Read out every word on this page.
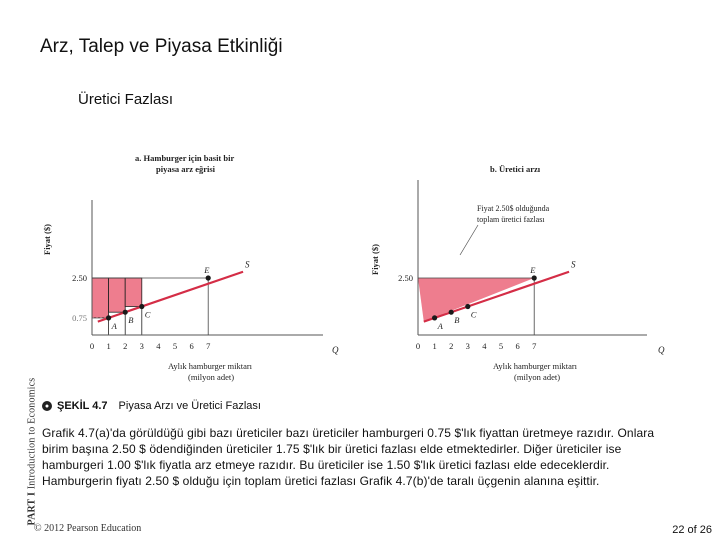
Arz, Talep ve Piyasa Etkinliği
Üretici Fazlası
PART I Introduction to Economics
a. Hamburger için basit bir
piyasa arz eğrisi
S
A
B
C
E
0 1 2 3 4 5 6 7
2.50
0.75
Fiyat ($)
Q
Aylık hamburger miktarı
(milyon adet)
b. Üretici arzı
Fiyat 2.50$ olduğunda
toplam üretici fazlası
S
A
B
C
E
0 1 2 3 4 5 6 7
2.50
Fiyat ($)
Q
Aylık hamburger miktarı
(milyon adet)
● ŞEKİL 4.7 Piyasa Arzı ve Üretici Fazlası
Grafik 4.7(a)'da görüldüğü gibi bazı üreticiler bazı üreticiler hamburgeri 0.75 $'lık fiyattan üretmeye razıdır. Onlara birim başına 2.50 $ ödendiğinden üreticiler 1.75 $'lık bir üretici fazlası elde etmektedirler. Diğer üreticiler ise hamburgeri 1.00 $'lık fiyatla arz etmeye razıdır. Bu üreticiler ise 1.50 $'lık üretici fazlası elde edeceklerdir. Hamburgerin fiyatı 2.50 $ olduğu için toplam üretici fazlası Grafik 4.7(b)'de taralı üçgenin alanına eşittir.
© 2012 Pearson Education	22 of 26
